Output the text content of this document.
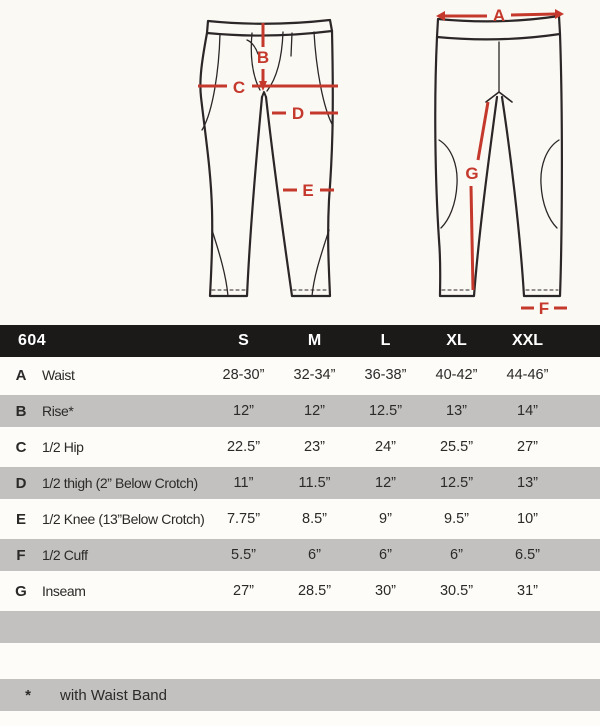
B
C
D
E
A
G
F
604	S	M	L	XL	XXL
A	Waist	28-30”	32-34”	36-38”	40-42”	44-46”
B	Rise*	12”	12”	12.5”	13”	14”
C	1/2 Hip	22.5”	23”	24”	25.5”	27”
D	1/2 thigh (2” Below Crotch)	11”	11.5”	12”	12.5”	13”
E	1/2 Knee (13”Below Crotch)	7.75”	8.5”	9”	9.5”	10”
F	1/2 Cuff	5.5”	6”	6”	6”	6.5”
G	Inseam	27”	28.5”	30”	30.5”	31”
*	with Waist Band
